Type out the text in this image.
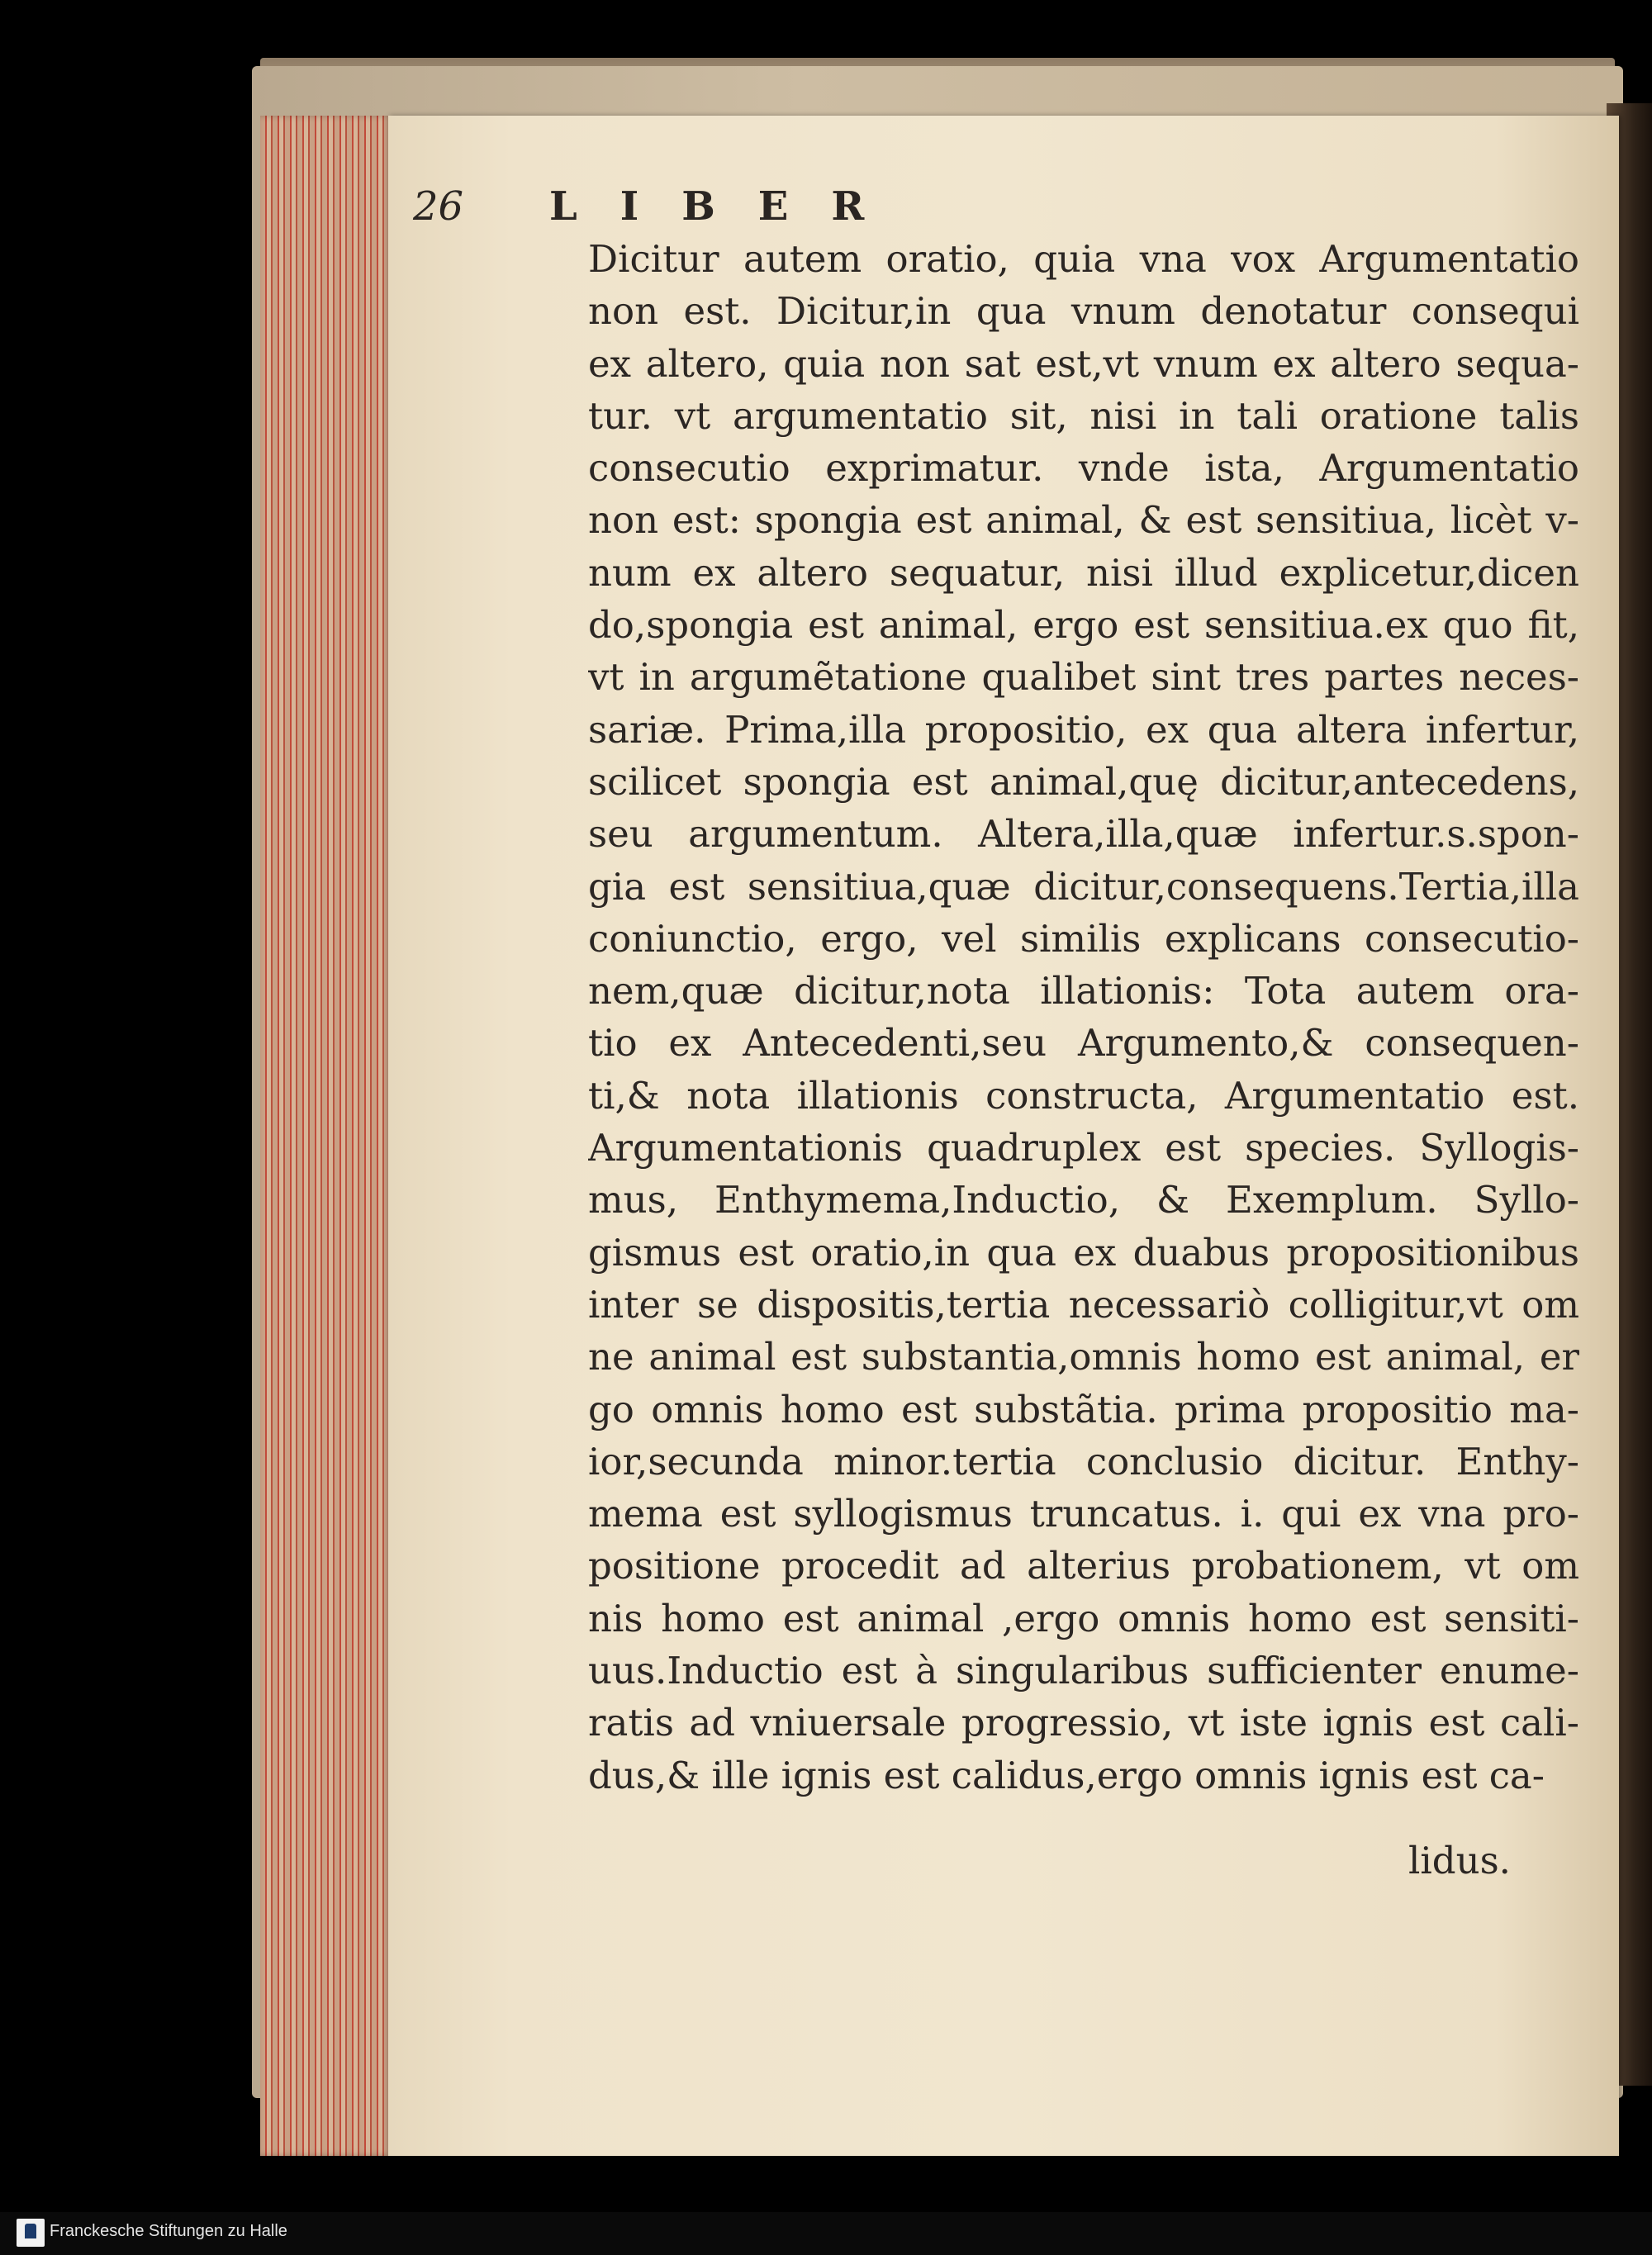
26 LIBER
Dicitur autem oratio, quia vna vox Argumentatio
non est. Dicitur,in qua vnum denotatur consequi
ex altero, quia non sat est,vt vnum ex altero sequa-
tur. vt argumentatio sit, nisi in tali oratione talis
consecutio exprimatur. vnde ista, Argumentatio
non est: spongia est animal, & est sensitiua, licèt v-
num ex altero sequatur, nisi illud explicetur,dicen
do,spongia est animal, ergo est sensitiua.ex quo fit,
vt in argumẽtatione qualibet sint tres partes neces-
sariæ. Prima,illa propositio, ex qua altera infertur,
scilicet spongia est animal,quę dicitur,antecedens,
seu argumentum. Altera,illa,quæ infertur.s.spon-
gia est sensitiua,quæ dicitur,consequens.Tertia,illa
coniunctio, ergo, vel similis explicans consecutio-
nem,quæ dicitur,nota illationis: Tota autem ora-
tio ex Antecedenti,seu Argumento,& consequen-
ti,& nota illationis constructa, Argumentatio est.
Argumentationis quadruplex est species. Syllogis-
mus, Enthymema,Inductio, & Exemplum. Syllo-
gismus est oratio,in qua ex duabus propositionibus
inter se dispositis,tertia necessariò colligitur,vt om
ne animal est substantia,omnis homo est animal, er
go omnis homo est substãtia. prima propositio ma-
ior,secunda minor.tertia conclusio dicitur. Enthy-
mema est syllogismus truncatus. i. qui ex vna pro-
positione procedit ad alterius probationem, vt om
nis homo est animal ,ergo omnis homo est sensiti-
uus.Inductio est à singularibus sufficienter enume-
ratis ad vniuersale progressio, vt iste ignis est cali-
dus,& ille ignis est calidus,ergo omnis ignis est ca-
lidus.
Franckesche Stiftungen zu Halle
